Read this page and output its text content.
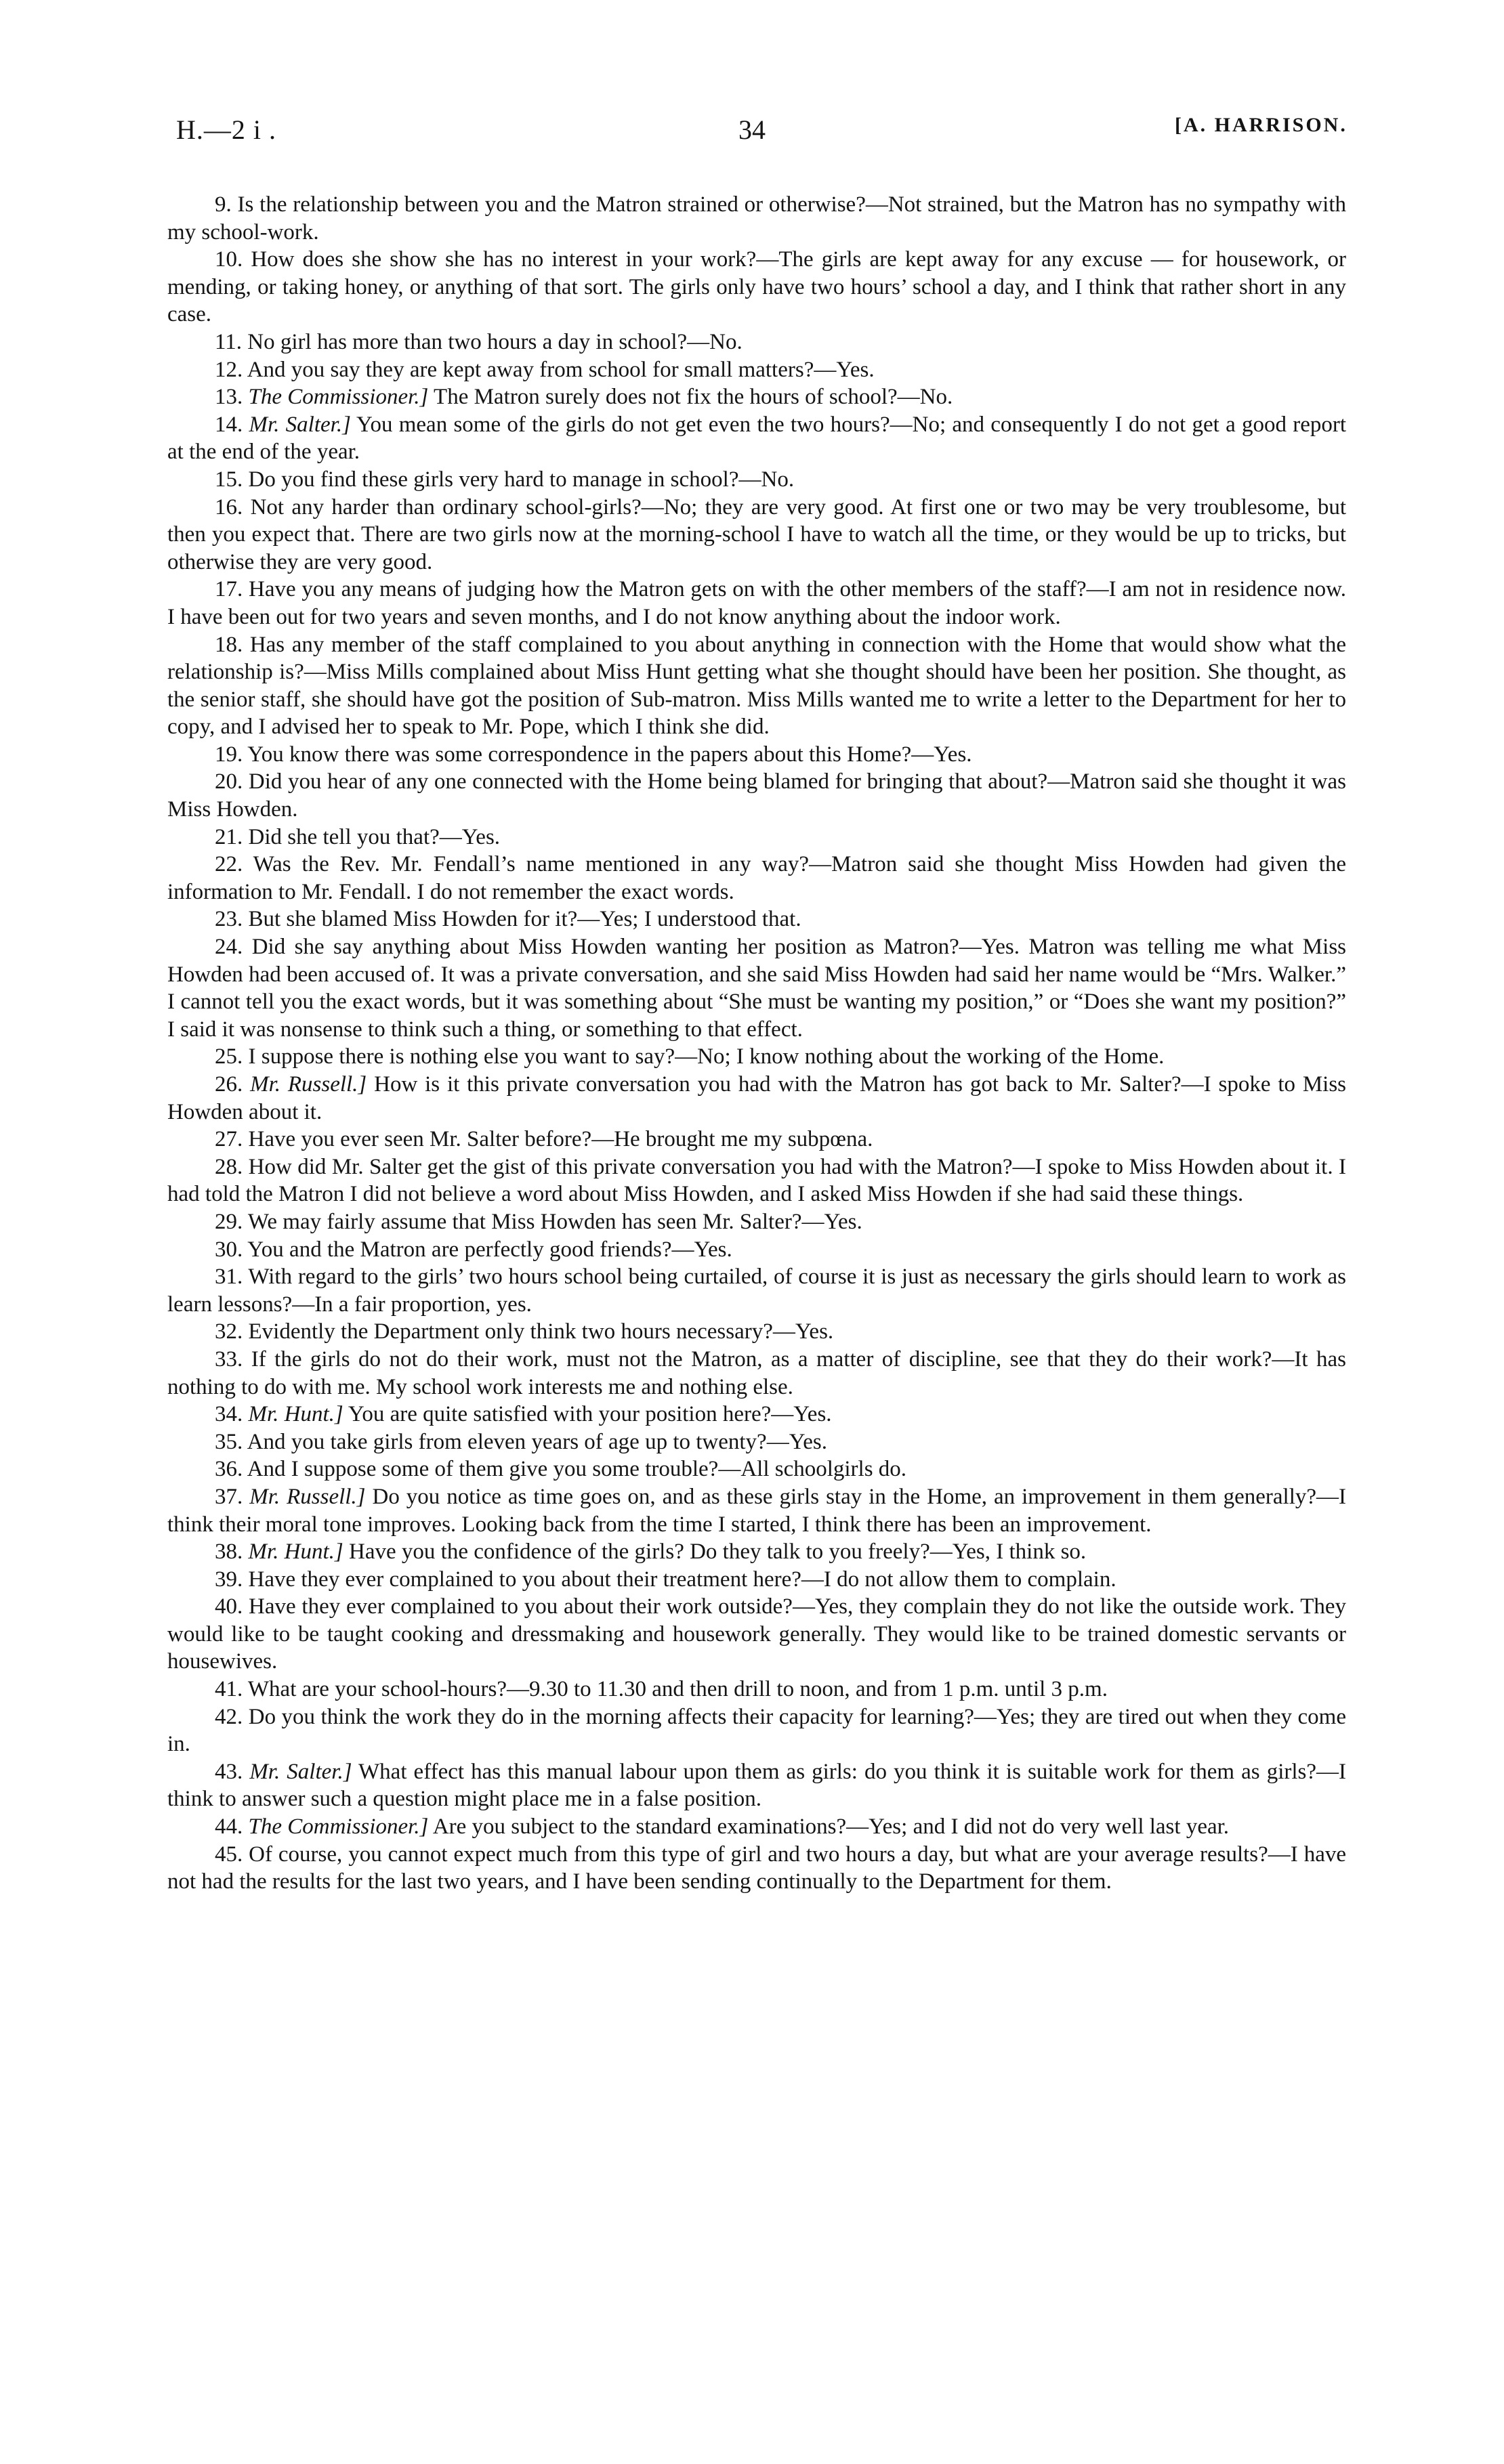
H.—2 i .	34	[A. HARRISON.

9. Is the relationship between you and the Matron strained or otherwise?—Not strained, but the Matron has no sympathy with my school-work.

10. How does she show she has no interest in your work?—The girls are kept away for any excuse — for housework, or mending, or taking honey, or anything of that sort. The girls only have two hours’ school a day, and I think that rather short in any case.

11. No girl has more than two hours a day in school?—No.

12. And you say they are kept away from school for small matters?—Yes.

13. The Commissioner.] The Matron surely does not fix the hours of school?—No.

14. Mr. Salter.] You mean some of the girls do not get even the two hours?—No; and consequently I do not get a good report at the end of the year.

15. Do you find these girls very hard to manage in school?—No.

16. Not any harder than ordinary school-girls?—No; they are very good. At first one or two may be very troublesome, but then you expect that. There are two girls now at the morning-school I have to watch all the time, or they would be up to tricks, but otherwise they are very good.

17. Have you any means of judging how the Matron gets on with the other members of the staff?—I am not in residence now. I have been out for two years and seven months, and I do not know anything about the indoor work.

18. Has any member of the staff complained to you about anything in connection with the Home that would show what the relationship is?—Miss Mills complained about Miss Hunt getting what she thought should have been her position. She thought, as the senior staff, she should have got the position of Sub-matron. Miss Mills wanted me to write a letter to the Department for her to copy, and I advised her to speak to Mr. Pope, which I think she did.

19. You know there was some correspondence in the papers about this Home?—Yes.

20. Did you hear of any one connected with the Home being blamed for bringing that about?—Matron said she thought it was Miss Howden.

21. Did she tell you that?—Yes.

22. Was the Rev. Mr. Fendall’s name mentioned in any way?—Matron said she thought Miss Howden had given the information to Mr. Fendall. I do not remember the exact words.

23. But she blamed Miss Howden for it?—Yes; I understood that.

24. Did she say anything about Miss Howden wanting her position as Matron?—Yes. Matron was telling me what Miss Howden had been accused of. It was a private conversation, and she said Miss Howden had said her name would be “Mrs. Walker.” I cannot tell you the exact words, but it was something about “She must be wanting my position,” or “Does she want my position?” I said it was nonsense to think such a thing, or something to that effect.

25. I suppose there is nothing else you want to say?—No; I know nothing about the working of the Home.

26. Mr. Russell.] How is it this private conversation you had with the Matron has got back to Mr. Salter?—I spoke to Miss Howden about it.

27. Have you ever seen Mr. Salter before?—He brought me my subpœna.

28. How did Mr. Salter get the gist of this private conversation you had with the Matron?—I spoke to Miss Howden about it. I had told the Matron I did not believe a word about Miss Howden, and I asked Miss Howden if she had said these things.

29. We may fairly assume that Miss Howden has seen Mr. Salter?—Yes.

30. You and the Matron are perfectly good friends?—Yes.

31. With regard to the girls’ two hours school being curtailed, of course it is just as necessary the girls should learn to work as learn lessons?—In a fair proportion, yes.

32. Evidently the Department only think two hours necessary?—Yes.

33. If the girls do not do their work, must not the Matron, as a matter of discipline, see that they do their work?—It has nothing to do with me. My school work interests me and nothing else.

34. Mr. Hunt.] You are quite satisfied with your position here?—Yes.

35. And you take girls from eleven years of age up to twenty?—Yes.

36. And I suppose some of them give you some trouble?—All schoolgirls do.

37. Mr. Russell.] Do you notice as time goes on, and as these girls stay in the Home, an improvement in them generally?—I think their moral tone improves. Looking back from the time I started, I think there has been an improvement.

38. Mr. Hunt.] Have you the confidence of the girls? Do they talk to you freely?—Yes, I think so.

39. Have they ever complained to you about their treatment here?—I do not allow them to complain.

40. Have they ever complained to you about their work outside?—Yes, they complain they do not like the outside work. They would like to be taught cooking and dressmaking and housework generally. They would like to be trained domestic servants or housewives.

41. What are your school-hours?—9.30 to 11.30 and then drill to noon, and from 1 p.m. until 3 p.m.

42. Do you think the work they do in the morning affects their capacity for learning?—Yes; they are tired out when they come in.

43. Mr. Salter.] What effect has this manual labour upon them as girls: do you think it is suitable work for them as girls?—I think to answer such a question might place me in a false position.

44. The Commissioner.] Are you subject to the standard examinations?—Yes; and I did not do very well last year.

45. Of course, you cannot expect much from this type of girl and two hours a day, but what are your average results?—I have not had the results for the last two years, and I have been sending continually to the Department for them.
